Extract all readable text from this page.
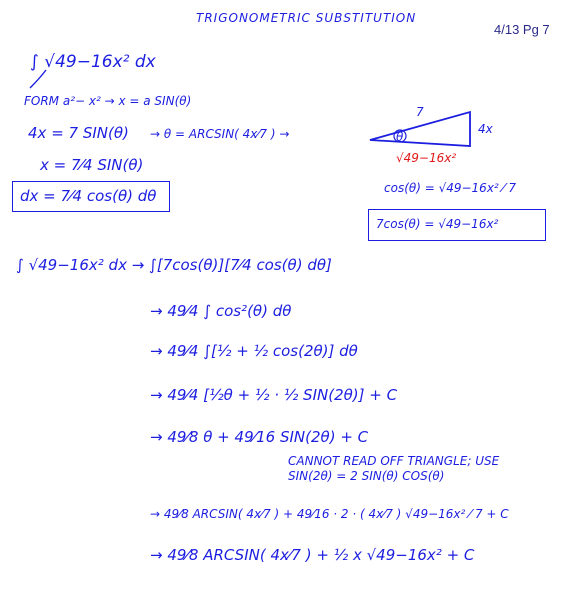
TRIGONOMETRIC SUBSTITUTION
4/13 Pg 7
∫ √49−16x² dx
FORM a²− x² → x = a SIN(θ)
4x = 7 SIN(θ) → θ = ARCSIN( 4x⁄7 ) →
x = 7⁄4 SIN(θ)
dx = 7⁄4 cos(θ) dθ
7
4x
√49−16x²
θ
cos(θ) = √49−16x² ⁄ 7
7cos(θ) = √49−16x²
∫ √49−16x² dx → ∫[7cos(θ)][7⁄4 cos(θ) dθ]
→ 49⁄4 ∫ cos²(θ) dθ
→ 49⁄4 ∫[½ + ½ cos(2θ)] dθ
→ 49⁄4 [½θ + ½ · ½ SIN(2θ)] + C
→ 49⁄8 θ + 49⁄16 SIN(2θ) + C
CANNOT READ OFF TRIANGLE; USE
SIN(2θ) = 2 SIN(θ) COS(θ)
→ 49⁄8 ARCSIN( 4x⁄7 ) + 49⁄16 · 2 · ( 4x⁄7 ) √49−16x² ⁄ 7 + C
→ 49⁄8 ARCSIN( 4x⁄7 ) + ½ x √49−16x² + C
